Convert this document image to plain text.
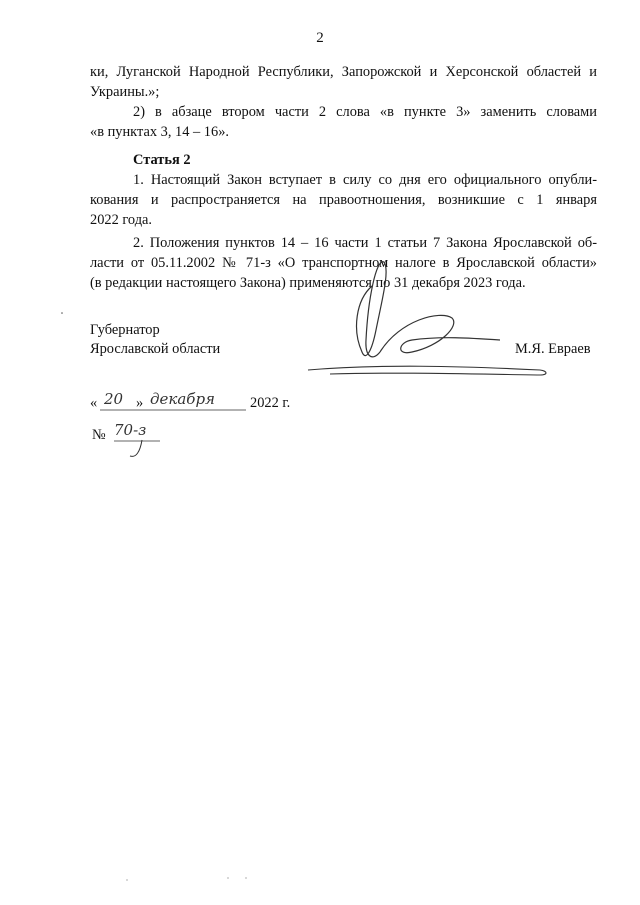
2
ки, Луганской Народной Республики, Запорожской и Херсонской областей и
Украины.»;
2) в абзаце втором части 2 слова «в пункте 3» заменить словами
«в пунктах 3, 14 – 16».
Статья 2
1. Настоящий Закон вступает в силу со дня его официального опубли-
кования и распространяется на правоотношения, возникшие с 1 января
2022 года.
2. Положения пунктов 14 – 16 части 1 статьи 7 Закона Ярославской об-
ласти от 05.11.2002 № 71-з «О транспортном налоге в Ярославской области»
(в редакции настоящего Закона) применяются по 31 декабря 2023 года.
Губернатор
Ярославской области	М.Я. Евраев
« 20 » декабря 2022 г.
№ 70-з
